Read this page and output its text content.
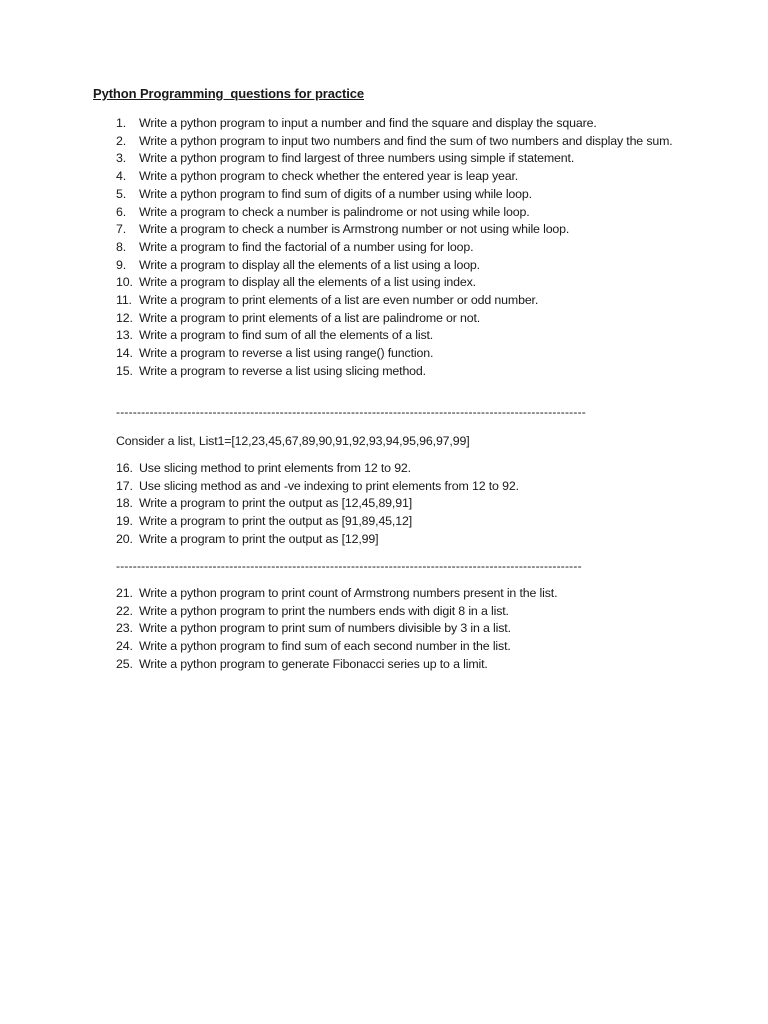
Python Programming  questions for practice
1. Write a python program to input a number and find the square and display the square.
2. Write a python program to input two numbers and find the sum of two numbers and display the sum.
3. Write a python program to find largest of three numbers using simple if statement.
4. Write a python program to check whether the entered year is leap year.
5. Write a python program to find sum of digits of a number using while loop.
6. Write a program to check a number is palindrome or not using while loop.
7. Write a program to check a number is Armstrong number or not using while loop.
8. Write a program to find the factorial of a number using for loop.
9. Write a program to display all the elements of a list using a loop.
10. Write a program to display all the elements of a list using index.
11. Write a program to print elements of a list are even number or odd number.
12. Write a program to print elements of a list are palindrome or not.
13. Write a program to find sum of all the elements of a list.
14. Write a program to reverse a list using range() function.
15. Write a program to reverse a list using slicing method.
----------------------------------------------------------------------------------------------------------------
Consider a list, List1=[12,23,45,67,89,90,91,92,93,94,95,96,97,99]
16. Use slicing method to print elements from 12 to 92.
17. Use slicing method as and -ve indexing to print elements from 12 to 92.
18. Write a program to print the output as [12,45,89,91]
19. Write a program to print the output as [91,89,45,12]
20. Write a program to print the output as [12,99]
---------------------------------------------------------------------------------------------------------------
21. Write a python program to print count of Armstrong numbers present in the list.
22. Write a python program to print the numbers ends with digit 8 in a list.
23. Write a python program to print sum of numbers divisible by 3 in a list.
24. Write a python program to find sum of each second number in the list.
25. Write a python program to generate Fibonacci series up to a limit.
